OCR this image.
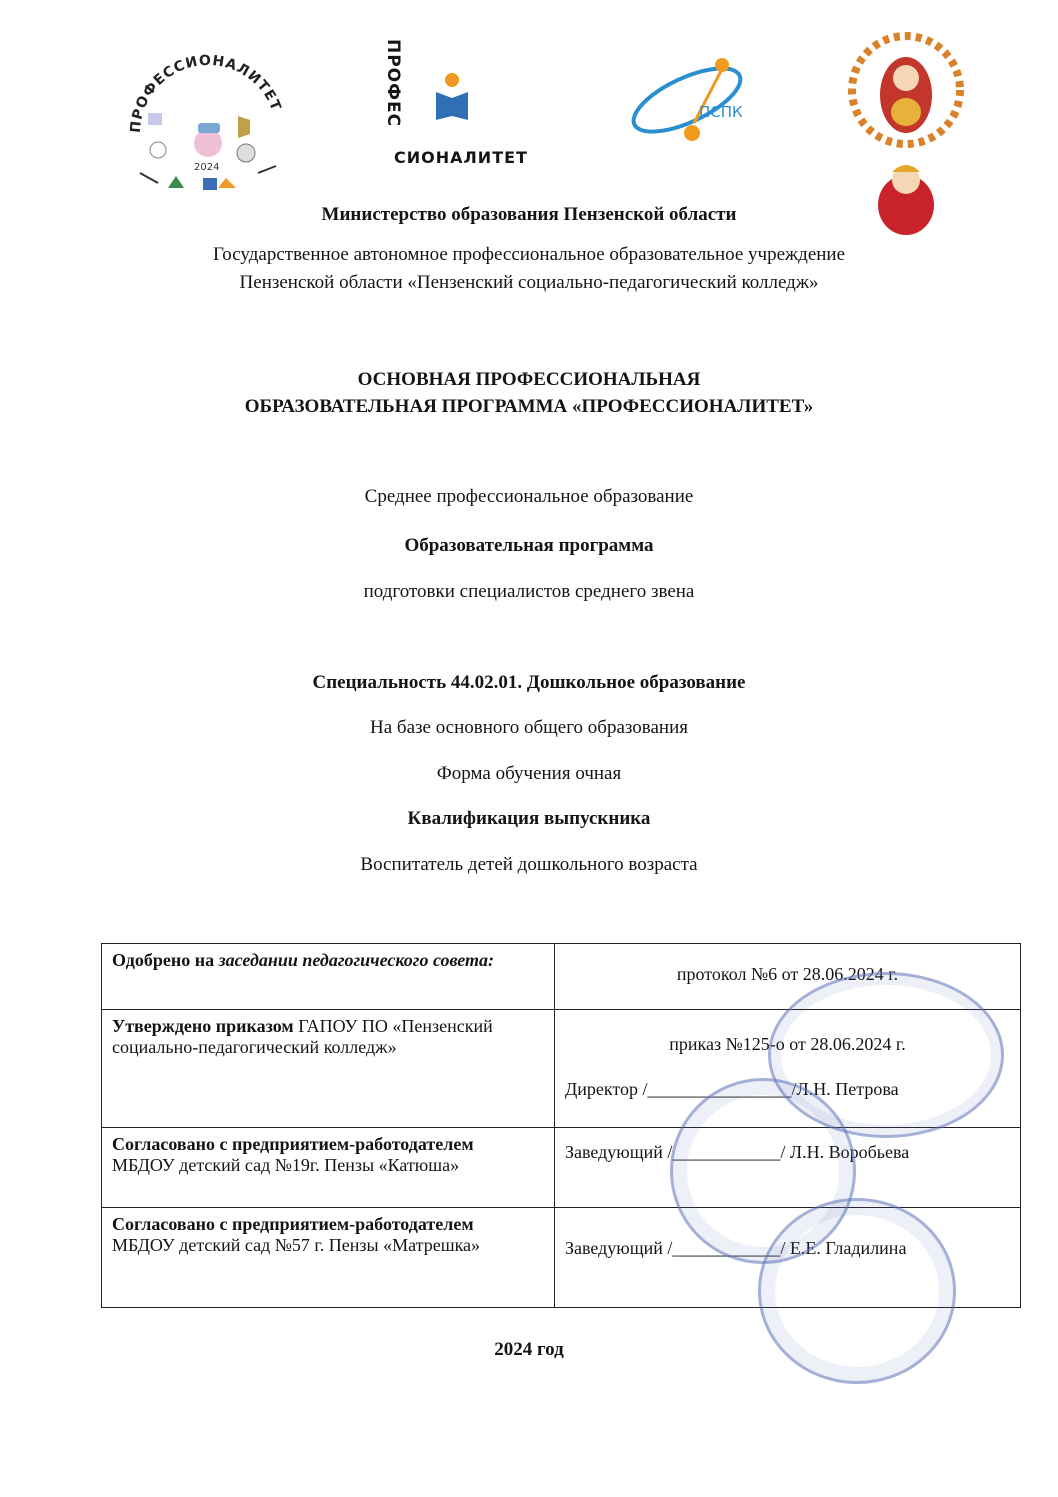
ПРОФЕССИОНАЛИТЕТ
2024
ПРОФЕС
СИОНАЛИТЕТ
ПСПК
Министерство образования Пензенской области
Государственное автономное профессиональное образовательное учреждение
Пензенской области «Пензенский социально-педагогический колледж»
ОСНОВНАЯ ПРОФЕССИОНАЛЬНАЯ
ОБРАЗОВАТЕЛЬНАЯ ПРОГРАММА «ПРОФЕССИОНАЛИТЕТ»
Среднее профессиональное образование
Образовательная программа
подготовки специалистов среднего звена
Специальность 44.02.01. Дошкольное образование
На базе основного общего образования
Форма обучения очная
Квалификация выпускника
Воспитатель детей дошкольного возраста
Одобрено на заседании педагогического совета:	протокол №6 от 28.06.2024 г.
Утверждено приказом ГАПОУ ПО «Пензенский социально-педагогический колледж»	приказ №125-о от 28.06.2024 г.
Директор /________________/Л.Н. Петрова

Согласовано с предприятием-работодателем
МБДОУ детский сад №19г. Пензы «Катюша»	Заведующий /____________/ Л.Н. Воробьева

Согласовано с предприятием-работодателем
МБДОУ детский сад №57 г. Пензы «Матрешка»	Заведующий /____________/ Е.Е. Гладилина
2024 год
